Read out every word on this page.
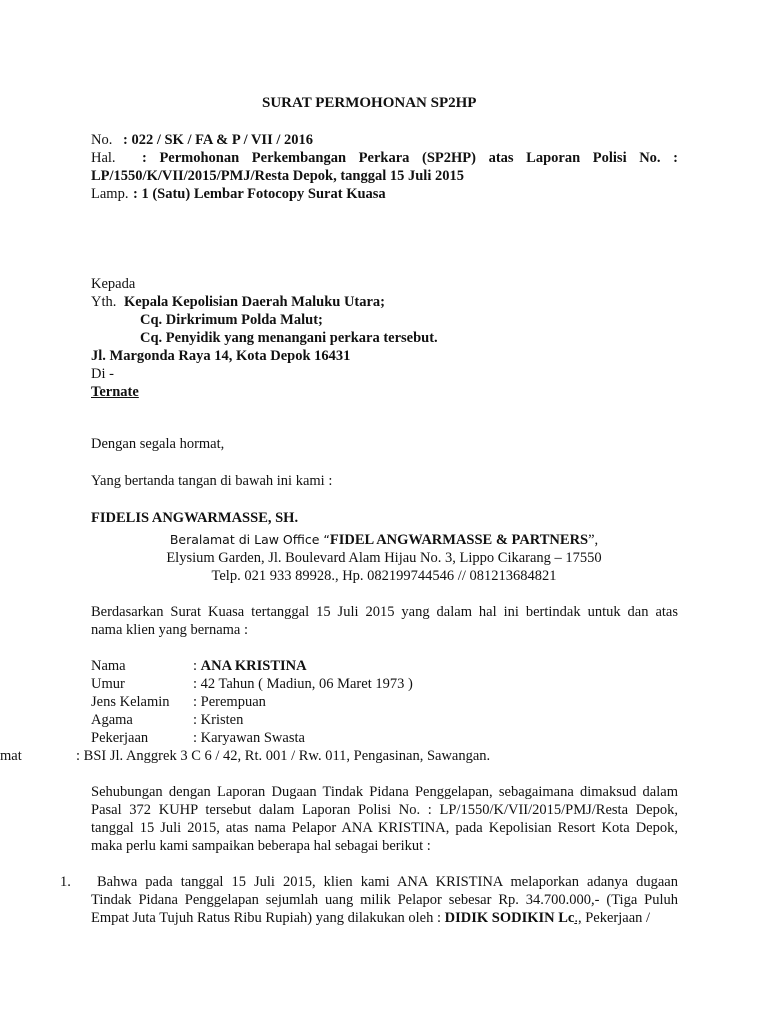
SURAT PERMOHONAN SP2HP
No. : 022 / SK / FA & P / VII / 2016
Hal. : Permohonan Perkembangan Perkara (SP2HP) atas Laporan Polisi No. :
LP/1550/K/VII/2015/PMJ/Resta Depok, tanggal 15 Juli 2015
Lamp. : 1 (Satu) Lembar Fotocopy Surat Kuasa
Kepada
Yth. Kepala Kepolisian Daerah Maluku Utara;
Cq. Dirkrimum Polda Malut;
Cq. Penyidik yang menangani perkara tersebut.
Jl. Margonda Raya 14, Kota Depok 16431
Di -
Ternate
Dengan segala hormat,
Yang bertanda tangan di bawah ini kami :
FIDELIS ANGWARMASSE, SH.
Beralamat di Law Office “FIDEL ANGWARMASSE & PARTNERS”,
Elysium Garden, Jl. Boulevard Alam Hijau No. 3, Lippo Cikarang – 17550
Telp. 021 933 89928., Hp. 082199744546 // 081213684821
Berdasarkan Surat Kuasa tertanggal 15 Juli 2015 yang dalam hal ini bertindak untuk dan atas
nama klien yang bernama :
Nama	: ANA KRISTINA
Umur	: 42 Tahun ( Madiun, 06 Maret 1973 )
Jens Kelamin : Perempuan
Agama	: Kristen
Pekerjaan	: Karyawan Swasta
mat	: BSI Jl. Anggrek 3 C 6 / 42, Rt. 001 / Rw. 011, Pengasinan, Sawangan.
Sehubungan dengan Laporan Dugaan Tindak Pidana Penggelapan, sebagaimana dimaksud dalam
Pasal 372 KUHP tersebut dalam Laporan Polisi No. : LP/1550/K/VII/2015/PMJ/Resta Depok,
tanggal 15 Juli 2015, atas nama Pelapor ANA KRISTINA, pada Kepolisian Resort Kota Depok,
maka perlu kami sampaikan beberapa hal sebagai berikut :
1. Bahwa pada tanggal 15 Juli 2015, klien kami ANA KRISTINA melaporkan adanya dugaan
Tindak Pidana Penggelapan sejumlah uang milik Pelapor sebesar Rp. 34.700.000,- (Tiga Puluh
Empat Juta Tujuh Ratus Ribu Rupiah) yang dilakukan oleh : DIDIK SODIKIN Lc., Pekerjaan /
